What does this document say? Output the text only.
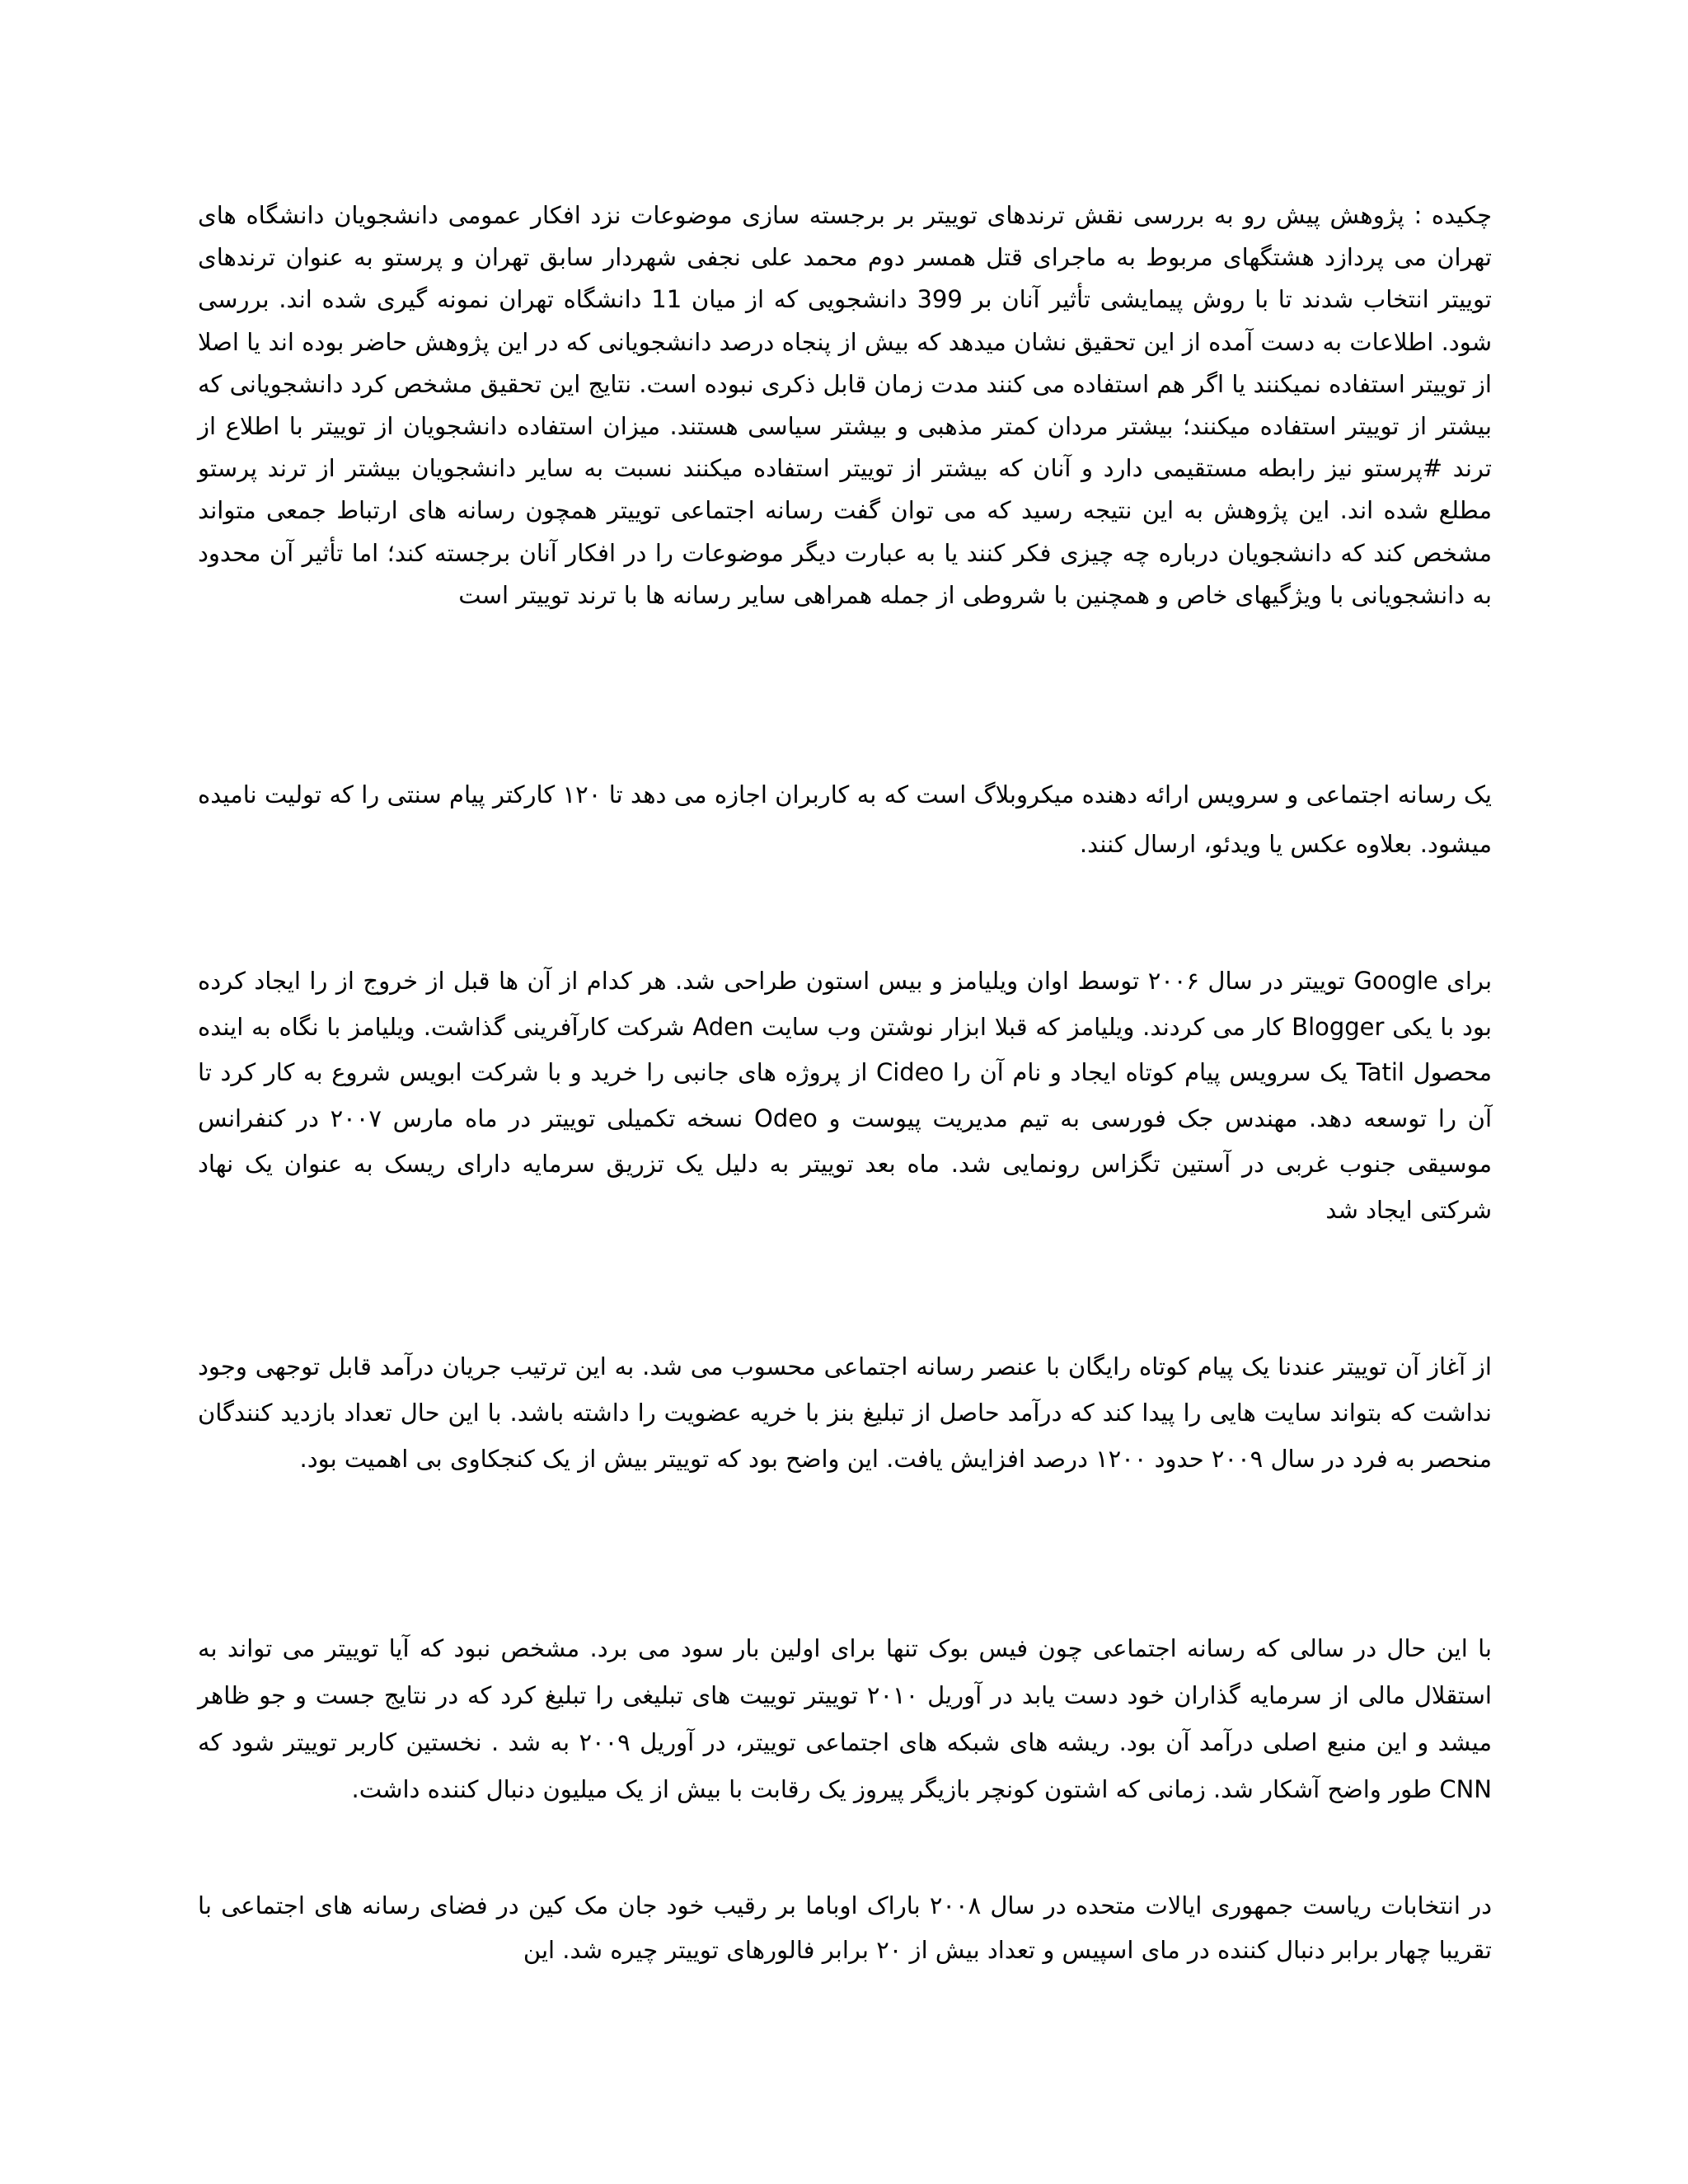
چکیده : پژوهش پیش رو به بررسی نقش ترندهای توییتر بر برجسته سازی موضوعات نزد افکار عمومی دانشجویان دانشگاه های تهران می پردازد هشتگهای مربوط به ماجرای قتل همسر دوم محمد علی نجفی شهردار سابق تهران و پرستو به عنوان ترندهای توییتر انتخاب شدند تا با روش پیمایشی تأثیر آنان بر 399 دانشجویی که از میان 11 دانشگاه تهران نمونه گیری شده اند. بررسی شود. اطلاعات به دست آمده از این تحقیق نشان میدهد که بیش از پنجاه درصد دانشجویانی که در این پژوهش حاضر بوده اند یا اصلا از توییتر استفاده نمیکنند یا اگر هم استفاده می کنند مدت زمان قابل ذکری نبوده است. نتایج این تحقیق مشخص کرد دانشجویانی که بیشتر از توییتر استفاده میکنند؛ بیشتر مردان کمتر مذهبی و بیشتر سیاسی هستند. میزان استفاده دانشجویان از توییتر با اطلاع از ترند #پرستو نیز رابطه مستقیمی دارد و آنان که بیشتر از توییتر استفاده میکنند نسبت به سایر دانشجویان بیشتر از ترند پرستو مطلع شده اند. این پژوهش به این نتیجه رسید که می توان گفت رسانه اجتماعی توییتر همچون رسانه های ارتباط جمعی متواند مشخص کند که دانشجویان درباره چه چیزی فکر کنند یا به عبارت دیگر موضوعات را در افکار آنان برجسته کند؛ اما تأثیر آن محدود به دانشجویانی با ویژگیهای خاص و همچنین با شروطی از جمله همراهی سایر رسانه ها با ترند توییتر است

یک رسانه اجتماعی و سرویس ارائه دهنده میکروبلاگ است که به کاربران اجازه می دهد تا ۱۲۰ کارکتر پیام سنتی را که تولیت نامیده میشود. بعلاوه عکس یا ویدئو، ارسال کنند.

برای Google توییتر در سال ۲۰۰۶ توسط اوان ویلیامز و بیس استون طراحی شد. هر کدام از آن ها قبل از خروج از را ایجاد کرده بود با یکی Blogger کار می کردند. ویلیامز که قبلا ابزار نوشتن وب سایت Aden شرکت کارآفرینی گذاشت. ویلیامز با نگاه به اینده محصول Tatil یک سرویس پیام کوتاه ایجاد و نام آن را Cideo از پروژه های جانبی را خرید و با شرکت ابویس شروع به کار کرد تا آن را توسعه دهد. مهندس جک فورسی به تیم مدیریت پیوست و Odeo نسخه تکمیلی توییتر در ماه مارس ۲۰۰۷ در کنفرانس موسیقی جنوب غربی در آستین تگزاس رونمایی شد. ماه بعد توییتر به دلیل یک تزریق سرمایه دارای ریسک به عنوان یک نهاد شرکتی ایجاد شد

از آغاز آن توییتر عندنا یک پیام کوتاه رایگان با عنصر رسانه اجتماعی محسوب می شد. به این ترتیب جریان درآمد قابل توجهی وجود نداشت که بتواند سایت هایی را پیدا کند که درآمد حاصل از تبلیغ بنز با خریه عضویت را داشته باشد. با این حال تعداد بازدید کنندگان منحصر به فرد در سال ۲۰۰۹ حدود ۱۲۰۰ درصد افزایش یافت. این واضح بود که توییتر بیش از یک کنجکاوی بی اهمیت بود.

با این حال در سالی که رسانه اجتماعی چون فیس بوک تنها برای اولین بار سود می برد. مشخص نبود که آیا توییتر می تواند به استقلال مالی از سرمایه گذاران خود دست یابد در آوریل ۲۰۱۰ توییتر توییت های تبلیغی را تبلیغ کرد که در نتایج جست و جو ظاهر میشد و این منبع اصلی درآمد آن بود. ریشه های شبکه های اجتماعی توییتر، در آوریل ۲۰۰۹ به شد . نخستین کاربر توییتر شود که CNN طور واضح آشکار شد. زمانی که اشتون کونچر بازیگر پیروز یک رقابت با بیش از یک میلیون دنبال کننده داشت.

در انتخابات ریاست جمهوری ایالات متحده در سال ۲۰۰۸ باراک اوباما بر رقیب خود جان مک کین در فضای رسانه های اجتماعی با تقریبا چهار برابر دنبال کننده در مای اسپیس و تعداد بیش از ۲۰ برابر فالورهای توییتر چیره شد. این
